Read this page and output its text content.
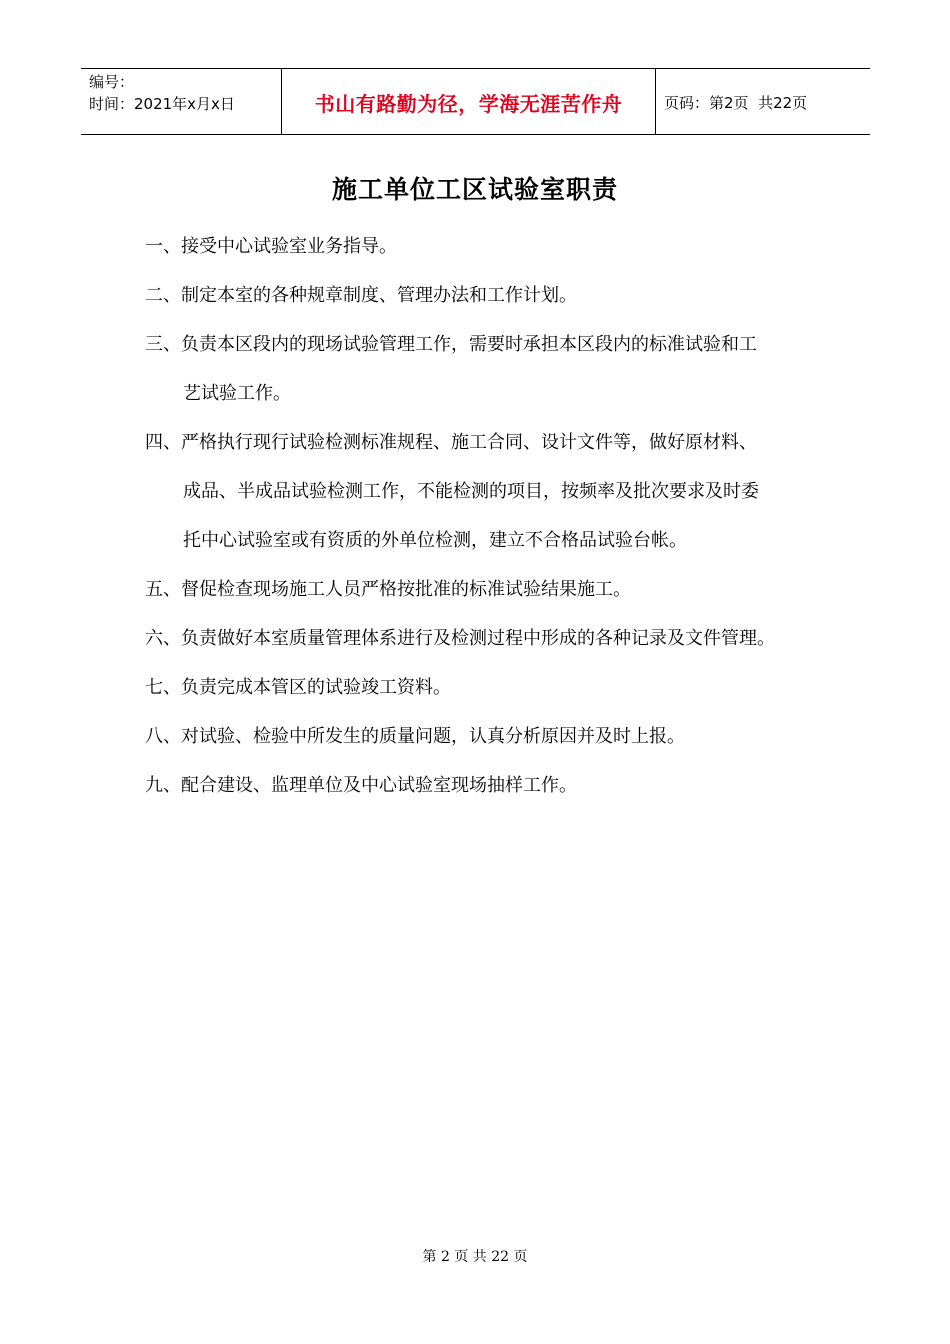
编号：
时间：2021年x月x日	书山有路勤为径，学海无涯苦作舟	页码：第2页  共22页
施工单位工区试验室职责
一、接受中心试验室业务指导。
二、制定本室的各种规章制度、管理办法和工作计划。
三、负责本区段内的现场试验管理工作，需要时承担本区段内的标准试验和工
艺试验工作。
四、严格执行现行试验检测标准规程、施工合同、设计文件等，做好原材料、
成品、半成品试验检测工作，不能检测的项目，按频率及批次要求及时委
托中心试验室或有资质的外单位检测，建立不合格品试验台帐。
五、督促检查现场施工人员严格按批准的标准试验结果施工。
六、负责做好本室质量管理体系进行及检测过程中形成的各种记录及文件管理。
七、负责完成本管区的试验竣工资料。
八、对试验、检验中所发生的质量问题，认真分析原因并及时上报。
九、配合建设、监理单位及中心试验室现场抽样工作。
第 2 页 共 22 页
